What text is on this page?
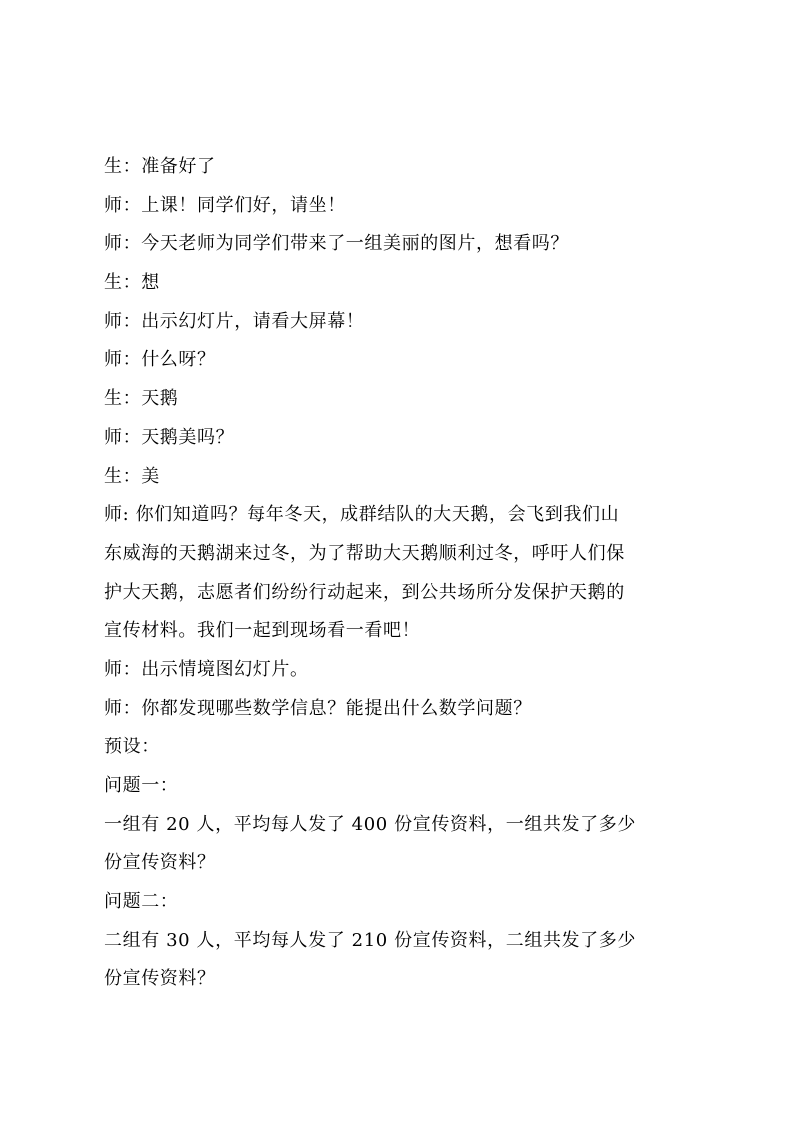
生：准备好了
师：上课！同学们好，请坐！
师：今天老师为同学们带来了一组美丽的图片，想看吗？
生：想
师：出示幻灯片，请看大屏幕！
师：什么呀？
生：天鹅
师：天鹅美吗？
生：美
师: 你们知道吗？每年冬天，成群结队的大天鹅，会飞到我们山
东威海的天鹅湖来过冬，为了帮助大天鹅顺利过冬，呼吁人们保
护大天鹅，志愿者们纷纷行动起来，到公共场所分发保护天鹅的
宣传材料。我们一起到现场看一看吧！
师：出示情境图幻灯片。
师：你都发现哪些数学信息？能提出什么数学问题？
预设：
问题一：
一组有 20 人，平均每人发了 400 份宣传资料，一组共发了多少
份宣传资料？
问题二：
二组有 30 人，平均每人发了 210 份宣传资料，二组共发了多少
份宣传资料？
